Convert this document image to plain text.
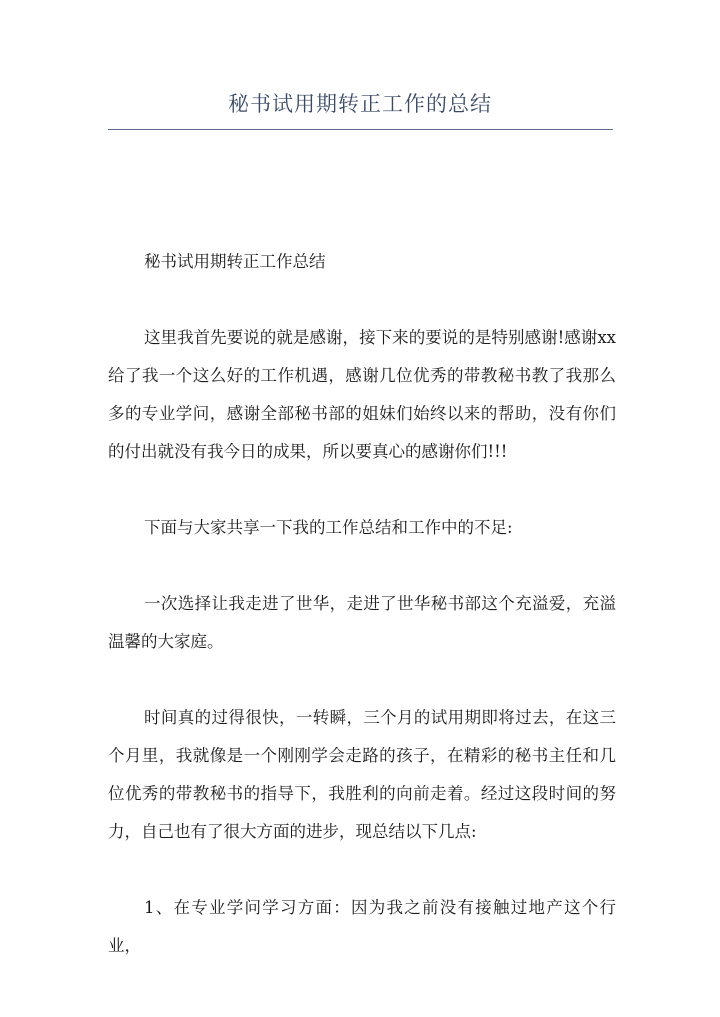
秘书试用期转正工作的总结

秘书试用期转正工作总结

这里我首先要说的就是感谢，接下来的要说的是特别感谢!感谢xx给了我一个这么好的工作机遇，感谢几位优秀的带教秘书教了我那么多的专业学问，感谢全部秘书部的姐妹们始终以来的帮助，没有你们的付出就没有我今日的成果，所以要真心的感谢你们!!!

下面与大家共享一下我的工作总结和工作中的不足:

一次选择让我走进了世华，走进了世华秘书部这个充溢爱，充溢温馨的大家庭。

时间真的过得很快，一转瞬，三个月的试用期即将过去，在这三个月里，我就像是一个刚刚学会走路的孩子，在精彩的秘书主任和几位优秀的带教秘书的指导下，我胜利的向前走着。经过这段时间的努力，自己也有了很大方面的进步，现总结以下几点:

1、在专业学问学习方面：因为我之前没有接触过地产这个行业，
